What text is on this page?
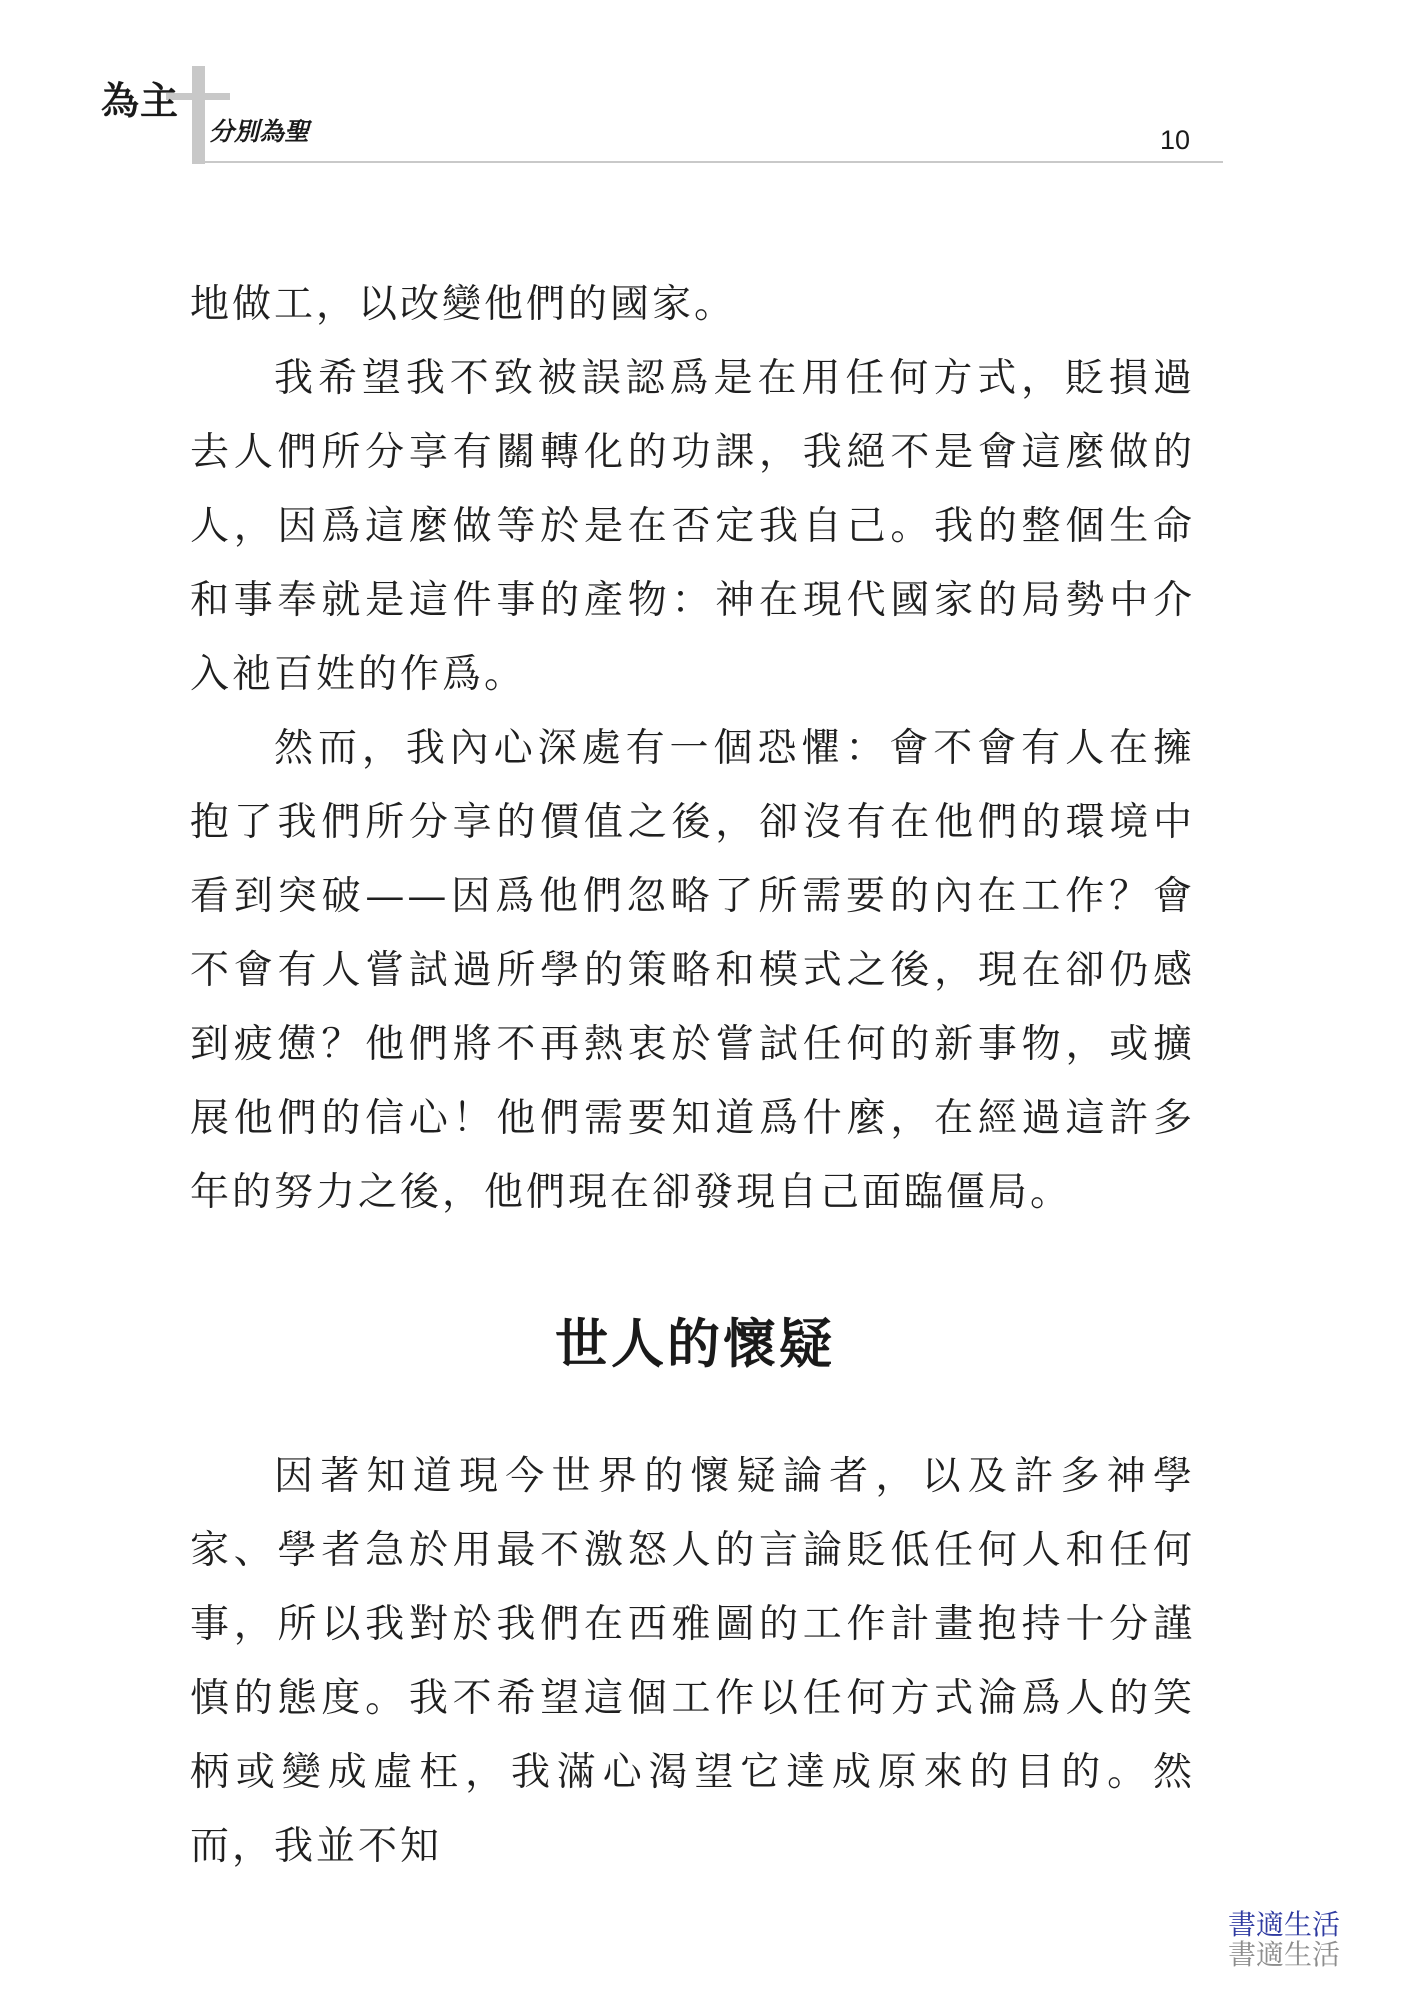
為主
分別為聖	10

地做工，以改變他們的國家。

我希望我不致被誤認爲是在用任何方式，貶損過去人們所分享有關轉化的功課，我絕不是會這麼做的人，因爲這麼做等於是在否定我自己。我的整個生命和事奉就是這件事的產物：神在現代國家的局勢中介入祂百姓的作爲。

然而，我內心深處有一個恐懼：會不會有人在擁抱了我們所分享的價值之後，卻沒有在他們的環境中看到突破——因爲他們忽略了所需要的內在工作？會不會有人嘗試過所學的策略和模式之後，現在卻仍感到疲憊？他們將不再熱衷於嘗試任何的新事物，或擴展他們的信心！他們需要知道爲什麼，在經過這許多年的努力之後，他們現在卻發現自己面臨僵局。

世人的懷疑

因著知道現今世界的懷疑論者，以及許多神學家、學者急於用最不激怒人的言論貶低任何人和任何事，所以我對於我們在西雅圖的工作計畫抱持十分謹慎的態度。我不希望這個工作以任何方式淪爲人的笑柄或變成虛枉，我滿心渴望它達成原來的目的。然而，我並不知

書適生活
書適生活
